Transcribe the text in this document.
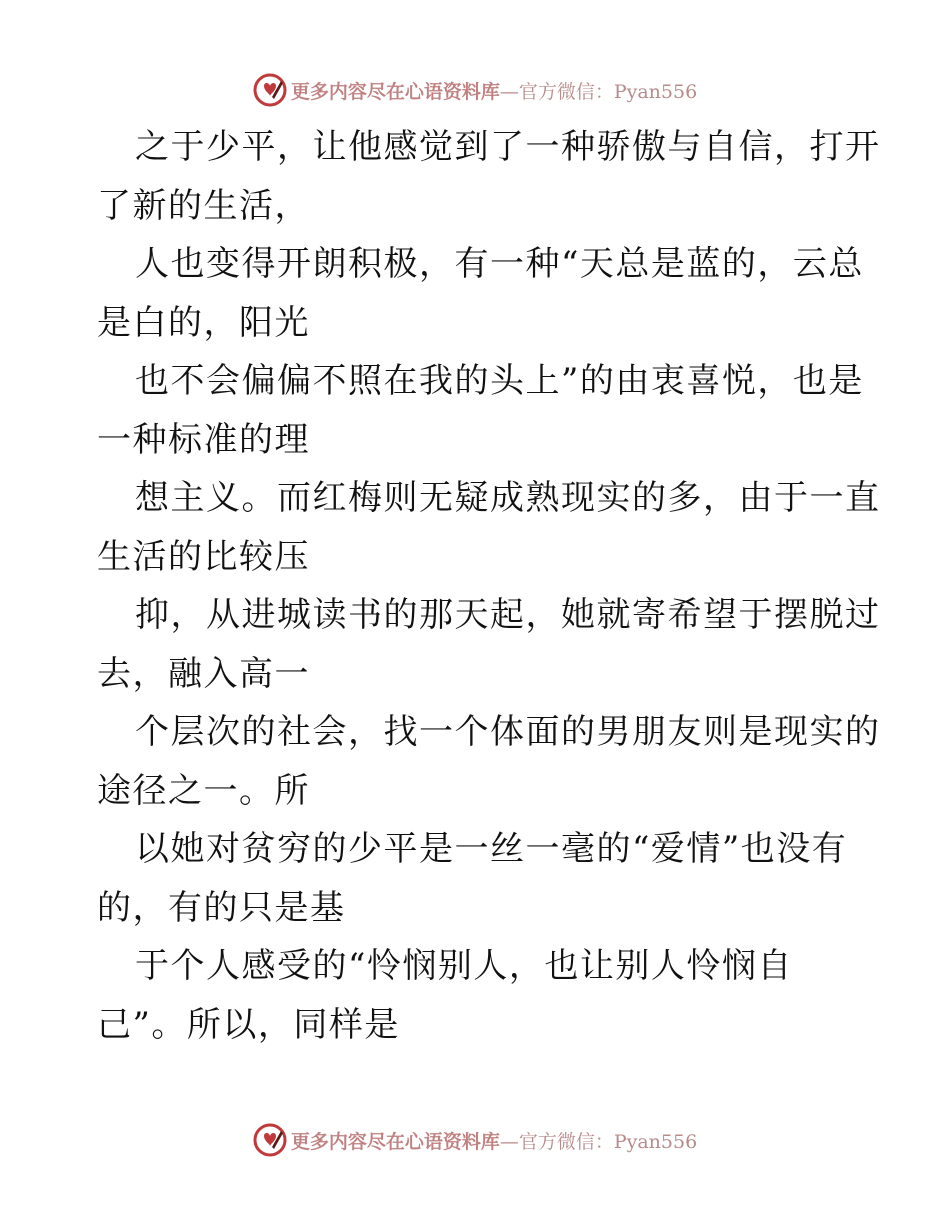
更多内容尽在心语资料库—官方微信：Pyan556
之于少平，让他感觉到了一种骄傲与自信，打开
了新的生活，
人也变得开朗积极，有一种“天总是蓝的，云总
是白的，阳光
也不会偏偏不照在我的头上”的由衷喜悦，也是
一种标准的理
想主义。而红梅则无疑成熟现实的多，由于一直
生活的比较压
抑，从进城读书的那天起，她就寄希望于摆脱过
去，融入高一
个层次的社会，找一个体面的男朋友则是现实的
途径之一。所
以她对贫穷的少平是一丝一毫的“爱情”也没有
的，有的只是基
于个人感受的“怜悯别人，也让别人怜悯自
己”。所以，同样是
更多内容尽在心语资料库—官方微信：Pyan556
